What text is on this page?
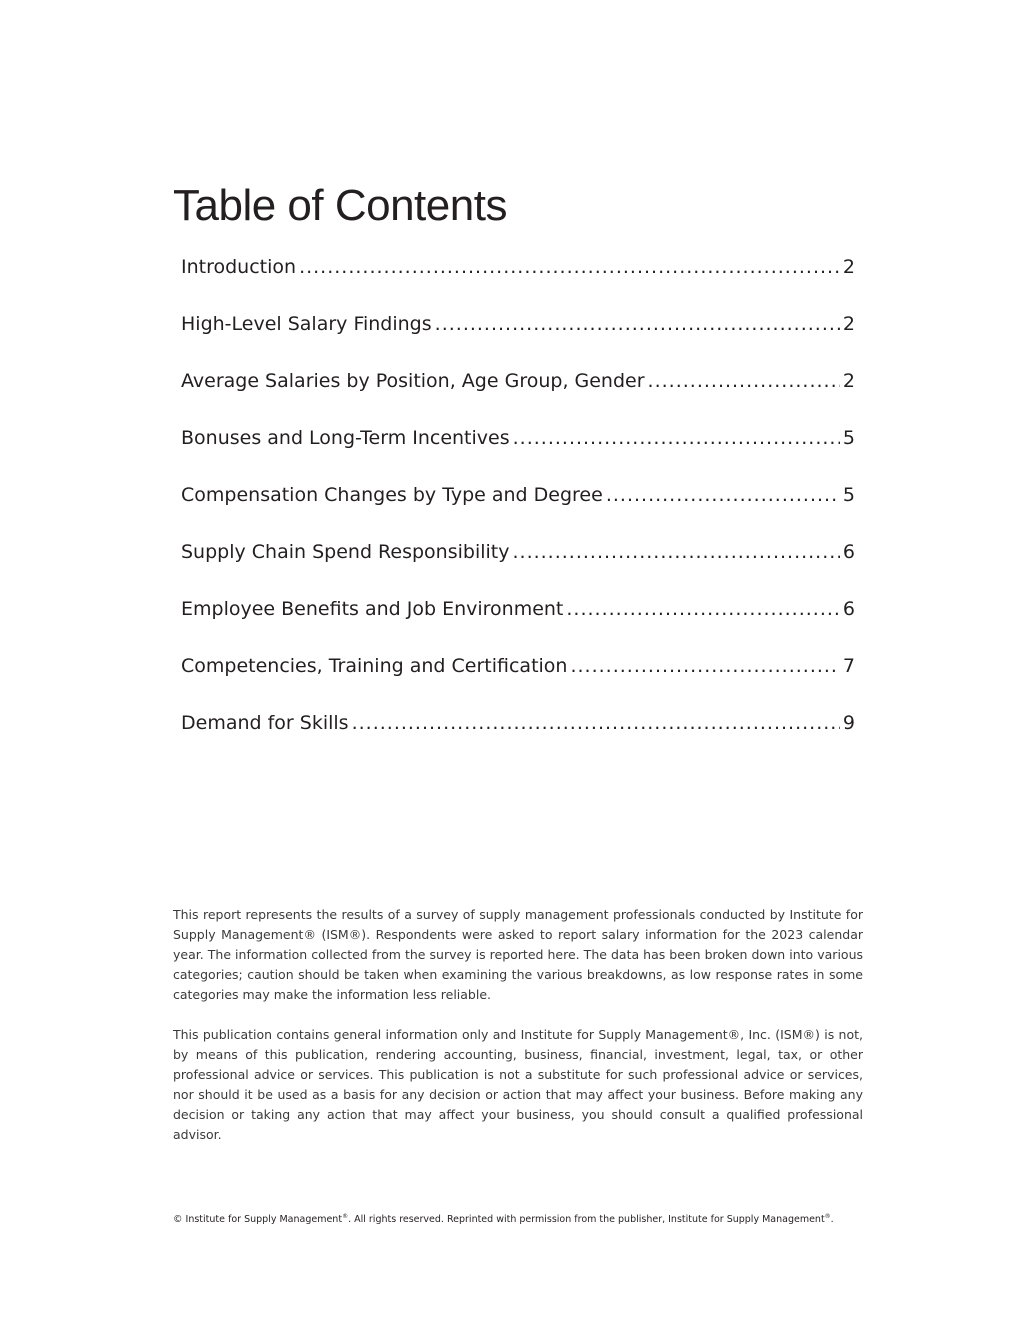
Table of Contents
Introduction .....	2
High-Level Salary Findings .....	2
Average Salaries by Position, Age Group, Gender .....	2
Bonuses and Long-Term Incentives .....	5
Compensation Changes by Type and Degree .....	5
Supply Chain Spend Responsibility .....	6
Employee Benefits and Job Environment .....	6
Competencies, Training and Certification .....	7
Demand for Skills .....	9

This report represents the results of a survey of supply management professionals conducted by Institute for Supply Management® (ISM®). Respondents were asked to report salary information for the 2023 calendar year. The information collected from the survey is reported here. The data has been broken down into various categories; caution should be taken when examining the various breakdowns, as low response rates in some categories may make the information less reliable.

This publication contains general information only and Institute for Supply Management®, Inc. (ISM®) is not, by means of this publication, rendering accounting, business, financial, investment, legal, tax, or other professional advice or services. This publication is not a substitute for such professional advice or services, nor should it be used as a basis for any decision or action that may affect your business. Before making any decision or taking any action that may affect your business, you should consult a qualified professional advisor.

© Institute for Supply Management®. All rights reserved. Reprinted with permission from the publisher, Institute for Supply Management®.
